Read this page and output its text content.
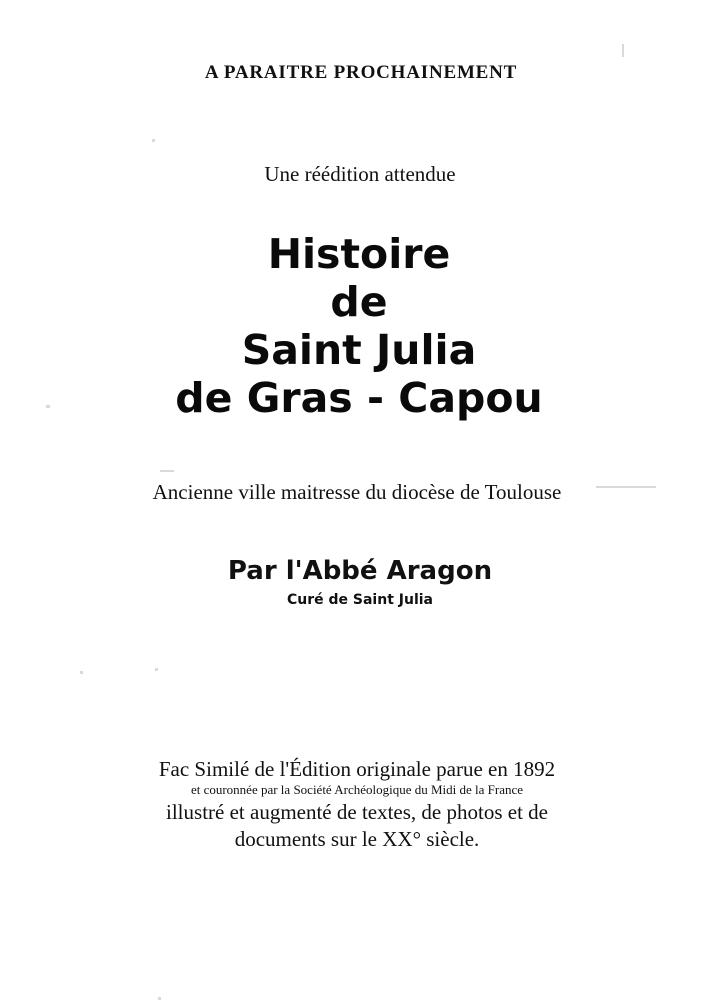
A PARAITRE PROCHAINEMENT
Une réédition attendue
Histoire
de
Saint Julia
de Gras - Capou
Ancienne ville maitresse du diocèse de Toulouse
Par l'Abbé Aragon
Curé de Saint Julia
Fac Similé de l'Édition originale parue en 1892
et couronnée par la Société Archéologique du Midi de la France
illustré et augmenté de textes, de photos et de
documents sur le XX° siècle.
